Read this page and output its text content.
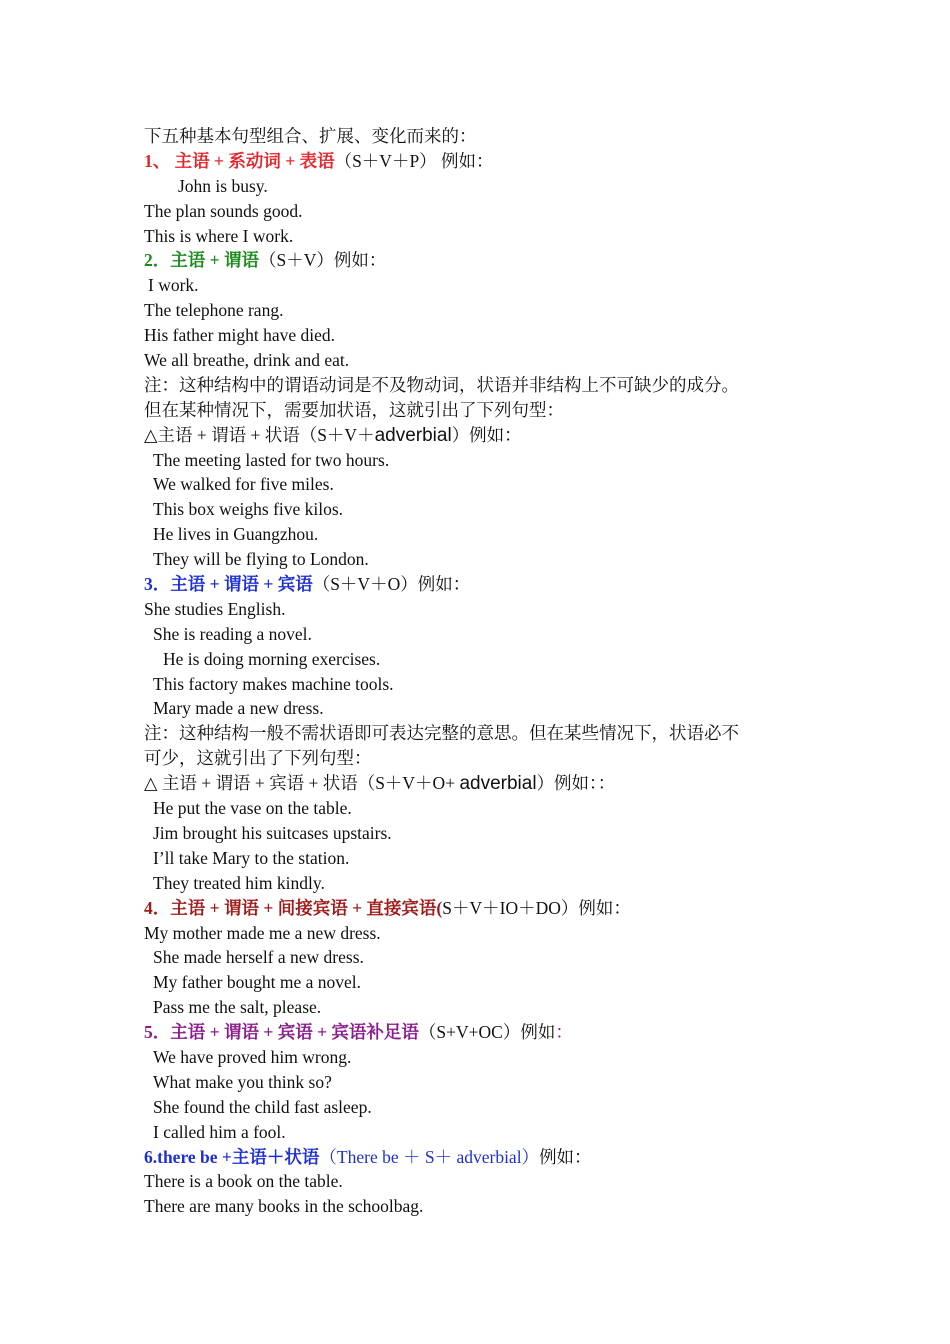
下五种基本句型组合、扩展、变化而来的：
1、 主语 + 系动词 + 表语（S＋V＋P） 例如：
John is busy.
The plan sounds good.
This is where I work.
2．主语 + 谓语（S＋V）例如：
I work.
The telephone rang.
His father might have died.
We all breathe, drink and eat.
注：这种结构中的谓语动词是不及物动词，状语并非结构上不可缺少的成分。
但在某种情况下，需要加状语，这就引出了下列句型：
△主语 + 谓语 + 状语（S＋V＋adverbial）例如：
The meeting lasted for two hours.
We walked for five miles.
This box weighs five kilos.
He lives in Guangzhou.
They will be flying to London.
3．主语 + 谓语 + 宾语（S＋V＋O）例如：
She studies English.
She is reading a novel.
He is doing morning exercises.
This factory makes machine tools.
Mary made a new dress.
注：这种结构一般不需状语即可表达完整的意思。但在某些情况下，状语必不
可少，这就引出了下列句型：
△ 主语 + 谓语 + 宾语 + 状语（S＋V＋O+ adverbial）例如：：
He put the vase on the table.
Jim brought his suitcases upstairs.
I’ll take Mary to the station.
They treated him kindly.
4．主语 + 谓语 + 间接宾语 + 直接宾语(S＋V＋IO＋DO）例如：
My mother made me a new dress.
She made herself a new dress.
My father bought me a novel.
Pass me the salt, please.
5．主语 + 谓语 + 宾语 + 宾语补足语（S+V+OC）例如：
We have proved him wrong.
What make you think so?
She found the child fast asleep.
I called him a fool.
6.there be +主语＋状语（There be ＋ S＋ adverbial）例如：
There is a book on the table.
There are many books in the schoolbag.
